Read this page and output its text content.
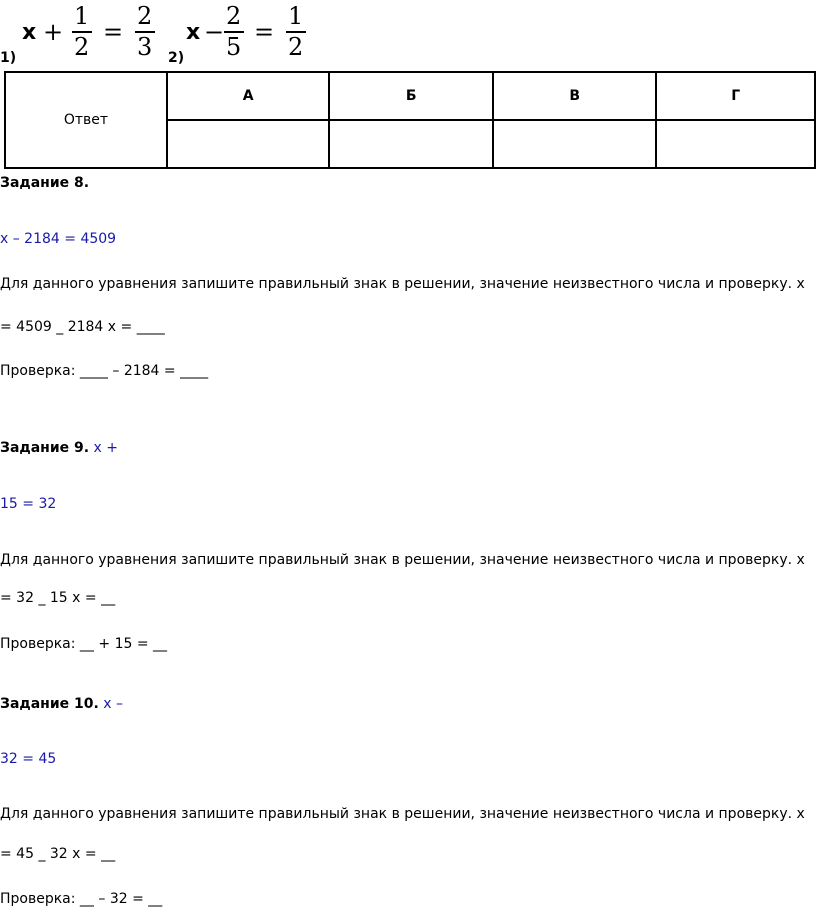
1)
x +
1
2
=
2
3 2)
x −
2
5
=
1
2
Ответ	А	Б	В	Г

Задание 8.
х – 2184 = 4509
Для данного уравнения запишите правильный знак в решении, значение неизвестного числа и проверку. х
= 4509 _ 2184 х = ____
Проверка: ____ – 2184 = ____
Задание 9. х +
15 = 32
Для данного уравнения запишите правильный знак в решении, значение неизвестного числа и проверку. х
= 32 _ 15 х = __
Проверка: __ + 15 = __
Задание 10. х –
32 = 45
Для данного уравнения запишите правильный знак в решении, значение неизвестного числа и проверку. х
= 45 _ 32 х = __
Проверка: __ – 32 = __
